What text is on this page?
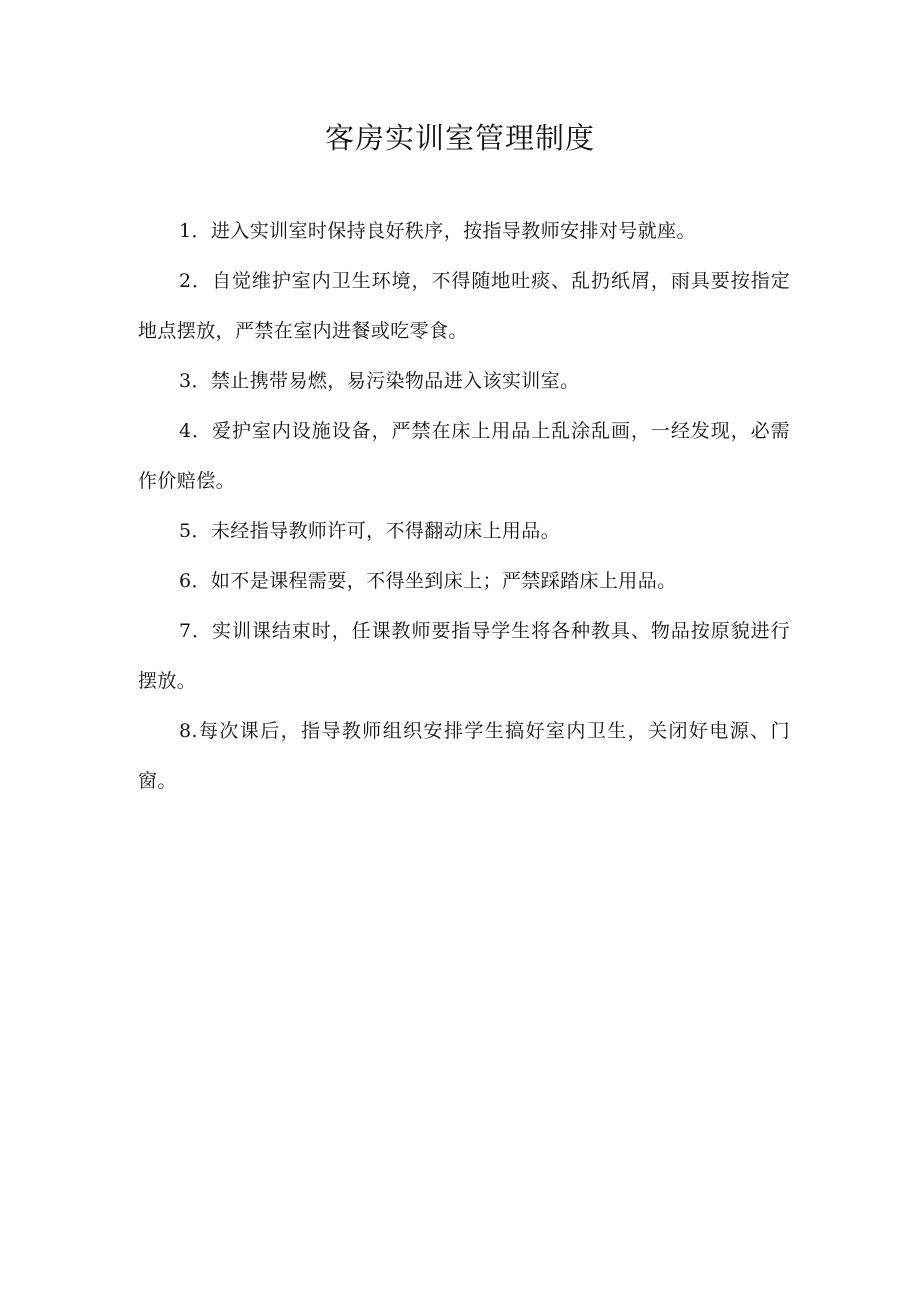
客房实训室管理制度

1．进入实训室时保持良好秩序，按指导教师安排对号就座。

2．自觉维护室内卫生环境，不得随地吐痰、乱扔纸屑，雨具要按指定地点摆放，严禁在室内进餐或吃零食。

3．禁止携带易燃，易污染物品进入该实训室。

4．爱护室内设施设备，严禁在床上用品上乱涂乱画，一经发现，必需作价赔偿。

5．未经指导教师许可，不得翻动床上用品。

6．如不是课程需要，不得坐到床上；严禁踩踏床上用品。

7．实训课结束时，任课教师要指导学生将各种教具、物品按原貌进行摆放。

8.每次课后，指导教师组织安排学生搞好室内卫生，关闭好电源、门窗。
